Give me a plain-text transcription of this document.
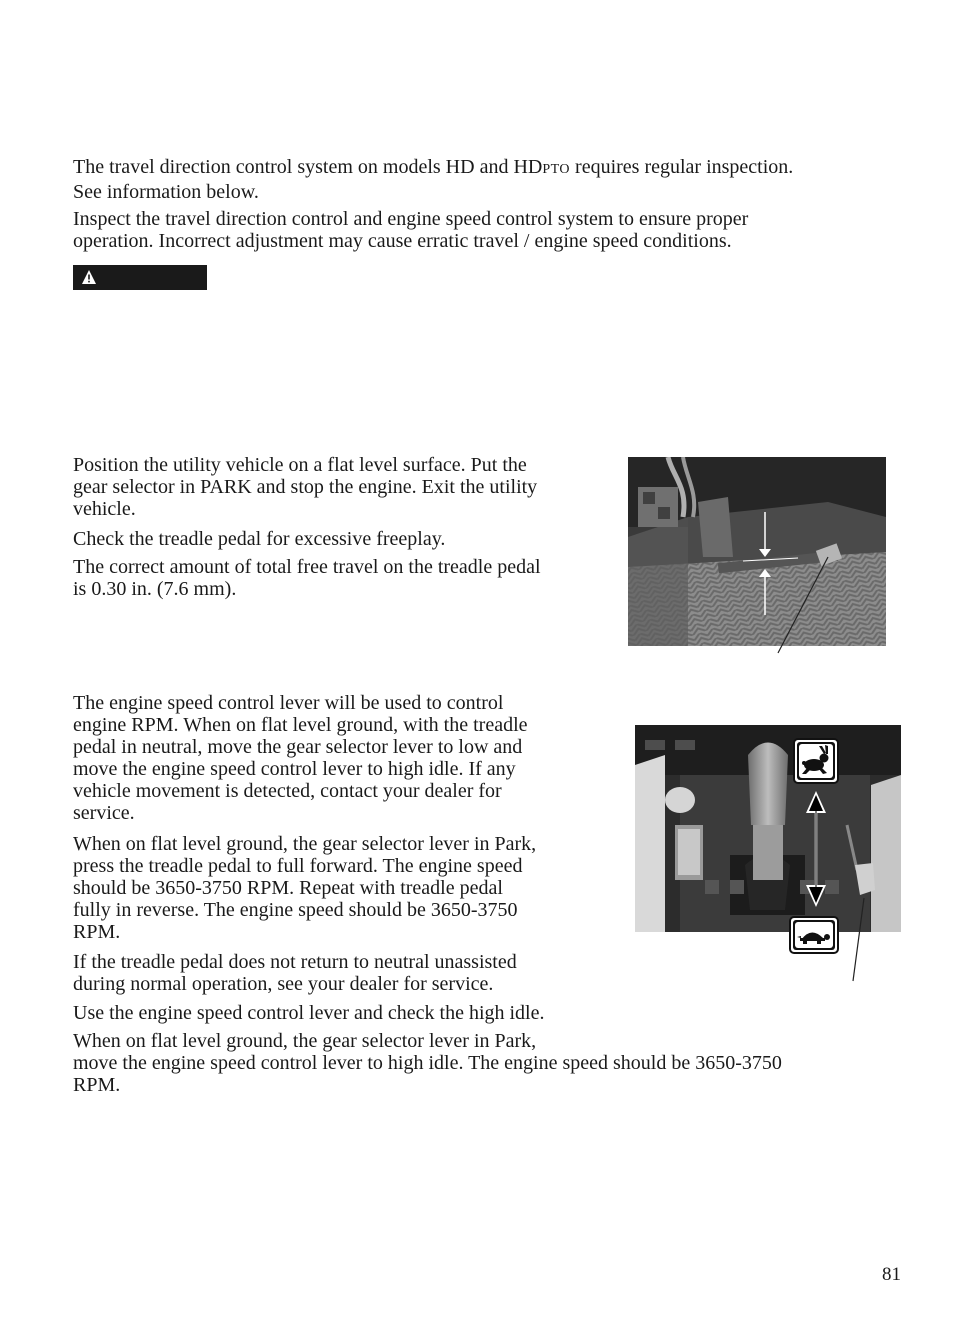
The travel direction control system on models HD and HDPTO requires regular inspection.
See information below.

Inspect the travel direction control and engine speed control system to ensure proper
operation. Incorrect adjustment may cause erratic travel / engine speed conditions.

Position the utility vehicle on a flat level surface. Put the
gear selector in PARK and stop the engine. Exit the utility
vehicle.

Check the treadle pedal for excessive freeplay.

The correct amount of total free travel on the treadle pedal
is 0.30 in. (7.6 mm).

The engine speed control lever will be used to control
engine RPM. When on flat level ground, with the treadle
pedal in neutral, move the gear selector lever to low and
move the engine speed control lever to high idle. If any
vehicle movement is detected, contact your dealer for
service.

When on flat level ground, the gear selector lever in Park,
press the treadle pedal to full forward. The engine speed
should be 3650-3750 RPM. Repeat with treadle pedal
fully in reverse. The engine speed should be 3650-3750
RPM.

If the treadle pedal does not return to neutral unassisted
during normal operation, see your dealer for service.

Use the engine speed control lever and check the high idle.

When on flat level ground, the gear selector lever in Park,
move the engine speed control lever to high idle. The engine speed should be 3650-3750
RPM.

81
